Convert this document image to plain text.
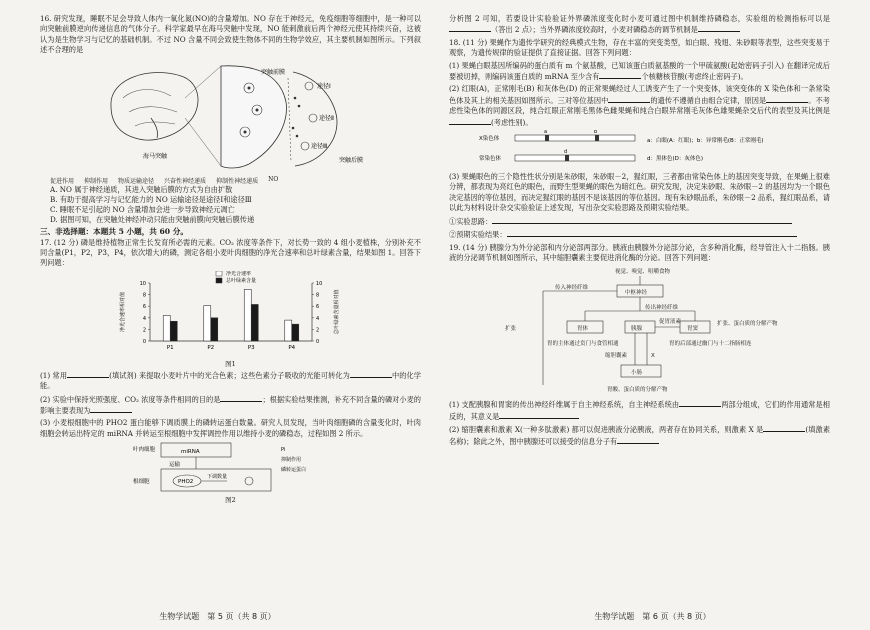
16. 研究发现，睡眠不足会导致人体内一氧化氮(NO)的含量增加。NO 存在于神经元，免疫细胞等细胞中，是一种可以向突触前膜逆向传递信息的气体分子。科学家最早在海马突触中发现，NO 能刺激前后两个神经元使其持续兴奋，这被认为是生物学习与记忆的基础机制。不过 NO 含量不同会致使生物体不同的生物学效应，其主要机制如图所示。下列叙述不合理的是

海马突触
途径Ⅰ
途径Ⅱ
途径Ⅲ
突触前膜
突触后膜
促进作用 抑制作用 物质运输途径 兴奋性神经递质 抑制性神经递质 NO

A. NO 属于神经递质，其进入突触后膜的方式为自由扩散

B. 有助于提高学习与记忆能力的 NO 运输途径是途径Ⅰ和途径Ⅲ

C. 睡眠不足引起的 NO 含量增加会进一步导致神经元凋亡

D. 据图可知，在突触处神经冲动只能由突触前膜向突触后膜传递

三、非选择题：本题共 5 小题，共 60 分。

17. (12 分) 磷是维持植物正常生长发育所必需的元素。CO₂ 浓度等条件下，对长势一致的 4 组小麦植株，分别补充不同含量(P1，P2，P3，P4，依次增大)的磷，测定各组小麦叶肉细胞的净光合速率和总叶绿素含量，结果如图 1。回答下列问题：

0	0
2	2
4	4
6	6
8	8
10	10
P1	P2	P3	P4
净光合速率相对值	总叶绿素含量相对值
净光合速率
总叶绿素含量

图1

(1) 常用	(填试剂) 来提取小麦叶片中的光合色素；这些色素分子吸收的光能可转化为	中的化学能。

(2) 实验中保持光照强度、CO₂ 浓度等条件相同的目的是	；根据实验结果推测，补充不同含量的磷对小麦的影响主要表现为

(3) 小麦根细胞中的 PHO2 蛋白能够下调质膜上的磷转运蛋白数量。研究人员发现，当叶肉细胞磷的含量变化时，叶肉细胞会转运出特定的 miRNA 并转运至根细胞中发挥调控作用以维持小麦的磷稳态，过程如图 2 所示。

叶肉细胞	miRNA
运输
根细胞	PHO2
下调数量
Pi
抑制作用
磷转运蛋白

图2

生物学试题　第 5 页（共 8 页）

分析图 2 可知，若要设计实验验证外界磷浓度变化时小麦可通过图中机制维持磷稳态，实验组的检测指标可以是（答出 2 点）；当外界磷浓度较高时，小麦对磷稳态的调节机制是

18. (11 分) 果蝇作为遗传学研究的经典模式生物，存在丰富的突变类型，如白眼、残翅、朱砂眼等表型，这些突变易于观察，为遗传规律的验证提供了直接证据。回答下列问题：

(1) 果蝇白眼基因所编码的蛋白质有 m 个氨基酸，已知该蛋白质氨基酸的一个甲硫氨酸(起始密码子引入) 在翻译完成后要被切掉，则编码该蛋白质的 mRNA 至少含有	个核糖核苷酸(考虑终止密码子)。

(2) 红眼(A)，正常刚毛(B) 和灰体色(D) 的正常果蝇经过人工诱变产生了一个突变体，该突变体的 X 染色体和一条常染色体及其上的相关基因如图所示。三对等位基因中	的遗传不遵循自由组合定律，原因是	。不考虑性染色体的同源区段，纯合红眼正常刚毛黑体色雌果蝇和纯合白眼异常刚毛灰体色雄果蝇杂交后代的表型及其比例是(考虑性别)。

X染色体
a	b
常染色体
d
a：白眼(A：红眼)；b：异常刚毛(B：正常刚毛)
d：黑体色(D：灰体色)

(3) 果蝇眼色的三个隐性性状分别是朱砂眼，朱砂眼－2，猩红眼，三者都由常染色体上的基因突变导致，在果蝇上很难分辨，都表现为亮红色的眼色，而野生型果蝇的眼色为暗红色。研究发现，决定朱砂眼、朱砂眼－2 的基因均为一个眼色决定基因的等位基因，而决定猩红眼的基因不是该基因的等位基因。现有朱砂眼品系，朱砂眼－2 品系，猩红眼品系，请以此为材料设计杂交实验验证上述发现，写出杂交实验思路及预期实验结果。

①实验思路：

②预期实验结果：

19. (14 分) 胰腺分为外分泌部和内分泌部两部分。胰液由胰腺外分泌部分泌，含多种消化酶，经导管注入十二指肠。胰液的分泌调节机制如图所示，其中缩胆囊素主要促进消化酶的分泌。回答下列问题：

视觉、嗅觉、咀嚼食物
中枢神经
传入神经纤维
传出神经纤维
胃体	胰腺	胃窦
促胃液素
扩张
扩张、蛋白质的分解产物
胃的主体通过贲门与食管相通	胃的后部通过幽门与十二指肠相连
缩胆囊素	X
小肠
胃酸、蛋白质的分解产物

(1) 支配胰腺和胃窦的传出神经纤维属于自主神经系统，自主神经系统由	两部分组成，它们的作用通常是相反的，其意义是

(2) 缩胆囊素和激素 X(一种多肽激素) 都可以促进胰液分泌胰液，两者存在协同关系，则激素 X 是	(填激素名称)；除此之外，图中胰腺还可以接受的信息分子有

生物学试题　第 6 页（共 8 页）
